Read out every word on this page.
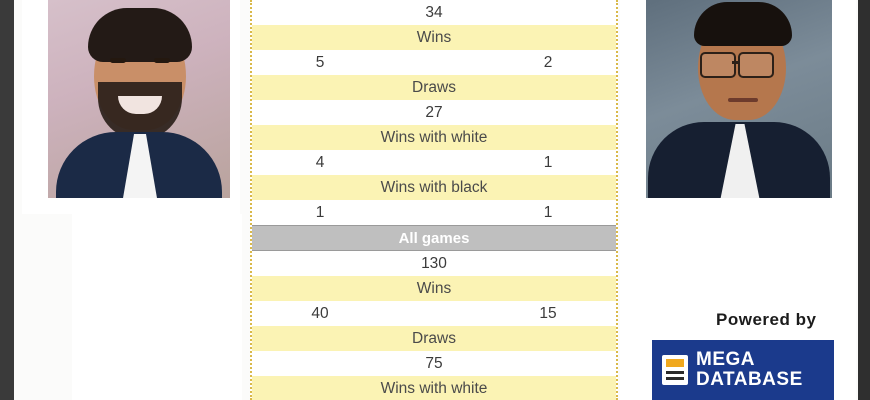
34
Wins
5	2
Draws
27
Wins with white
4	1
Wins with black
1	1
All games
130
Wins
40	15
Draws
75
Wins with white
Powered by
MEGA
DATABASE
